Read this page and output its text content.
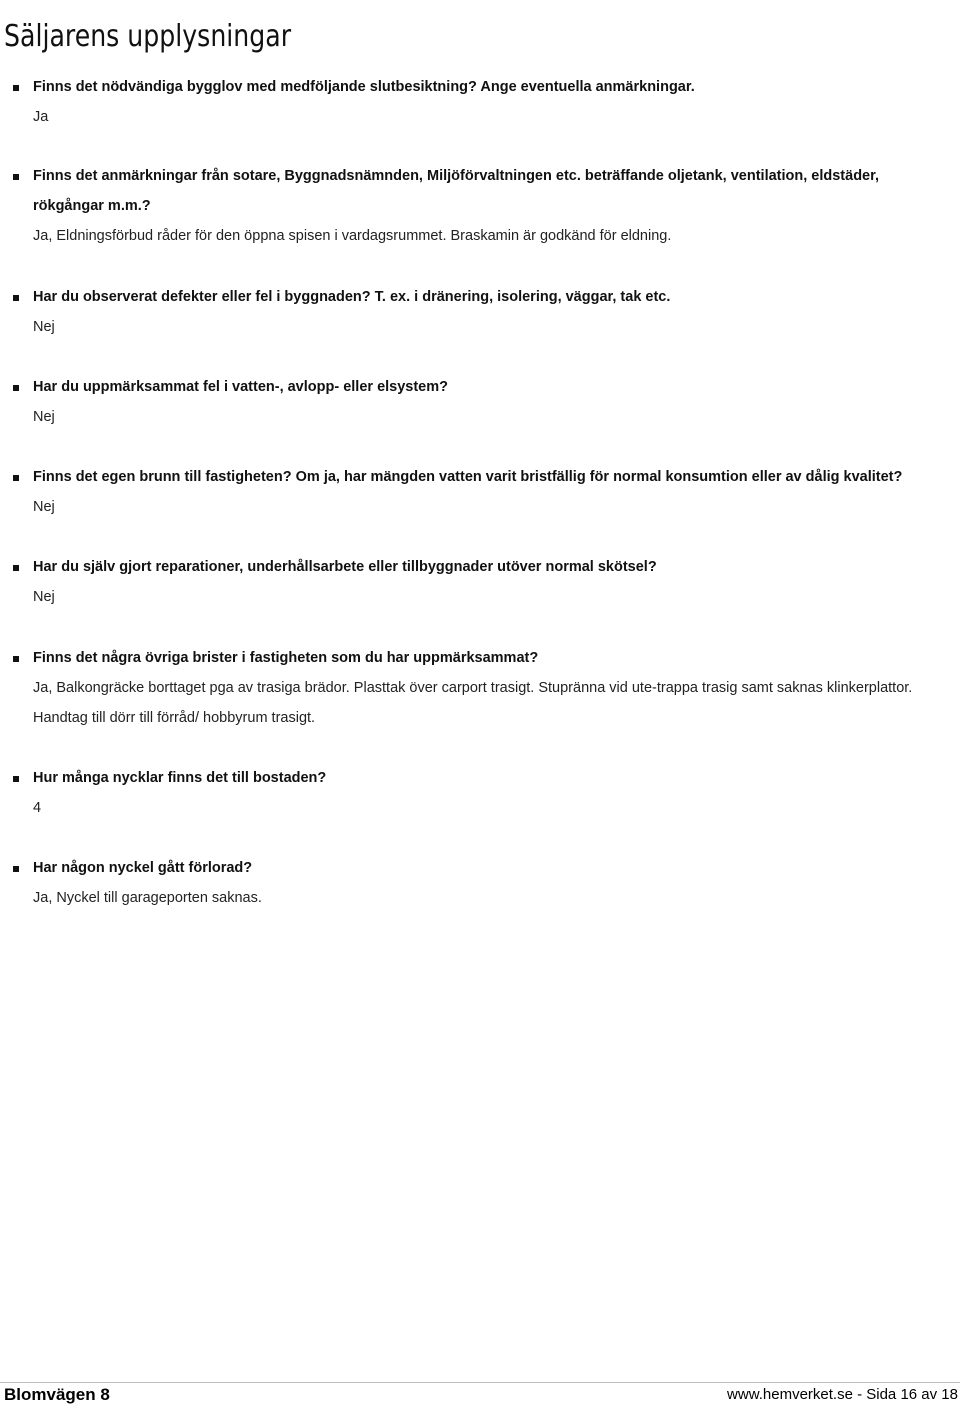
Säljarens upplysningar
Finns det nödvändiga bygglov med medföljande slutbesiktning? Ange eventuella anmärkningar.
Ja
Finns det anmärkningar från sotare, Byggnadsnämnden, Miljöförvaltningen etc. beträffande oljetank, ventilation, eldstäder, rökgångar m.m.?
Ja, Eldningsförbud råder för den öppna spisen i vardagsrummet. Braskamin är godkänd för eldning.
Har du observerat defekter eller fel i byggnaden? T. ex. i dränering, isolering, väggar, tak etc.
Nej
Har du uppmärksammat fel i vatten-, avlopp- eller elsystem?
Nej
Finns det egen brunn till fastigheten? Om ja, har mängden vatten varit bristfällig för normal konsumtion eller av dålig kvalitet?
Nej
Har du själv gjort reparationer, underhållsarbete eller tillbyggnader utöver normal skötsel?
Nej
Finns det några övriga brister i fastigheten som du har uppmärksammat?
Ja, Balkongräcke borttaget pga av trasiga brädor. Plasttak över carport trasigt. Stupränna vid ute-trappa trasig samt saknas klinkerplattor. Handtag till dörr till förråd/ hobbyrum trasigt.
Hur många nycklar finns det till bostaden?
4
Har någon nyckel gått förlorad?
Ja, Nyckel till garageporten saknas.
Blomvägen 8	www.hemverket.se - Sida 16 av 18
